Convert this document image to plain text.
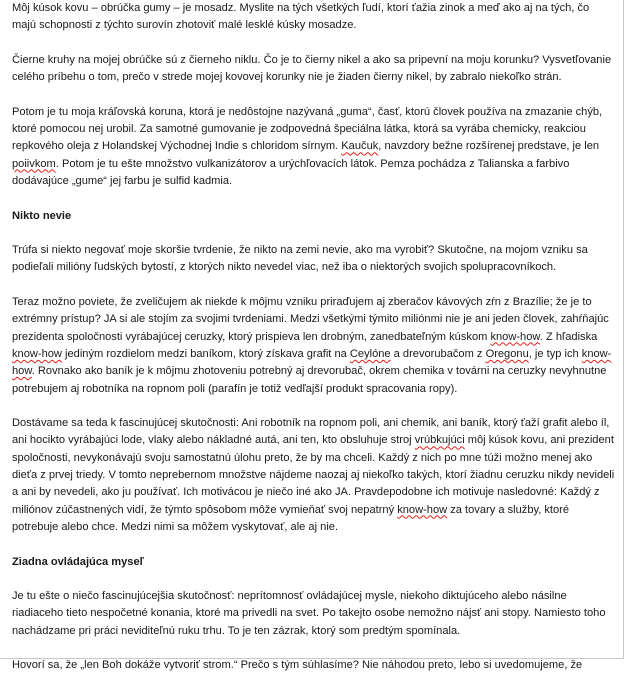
Môj kúsok kovu – obrúčka gumy – je mosadz. Myslite na tých všetkých ľudí, ktorí ťažia zinok a meď ako aj na tých, čo majú schopnosti z týchto surovín zhotoviť malé lesklé kúsky mosadze.

Čierne kruhy na mojej obrúčke sú z čierneho niklu. Čo je to čierny nikel a ako sa pripevní na moju korunku? Vysvetľovanie celého príbehu o tom, prečo v strede mojej kovovej korunky nie je žiaden čierny nikel, by zabralo niekoľko strán.

Potom je tu moja kráľovská koruna, ktorá je nedôstojne nazývaná „guma“, časť, ktorú človek používa na zmazanie chýb, ktoré pomocou nej urobil. Za samotné gumovanie je zodpovedná špeciálna látka, ktorá sa vyrába chemicky, reakciou repkového oleja z Holandskej Východnej Indie s chloridom sírnym. Kaučuk, navzdory bežne rozšírenej predstave, je len poiivkom. Potom je tu ešte množstvo vulkanizátorov a urýchľovacích látok. Pemza pochádza z Talianska a farbivo dodávajúce „gume“ jej farbu je sulfid kadmia.

Nikto nevie

Trúfa si niekto negovať moje skoršie tvrdenie, že nikto na zemi nevie, ako ma vyrobiť? Skutočne, na mojom vzniku sa podieľali milióny ľudských bytostí, z ktorých nikto nevedel viac, než iba o niektorých svojich spolupracovníkoch.

Teraz možno poviete, že zveličujem ak niekde k môjmu vzniku priraďujem aj zberačov kávových zŕn z Brazílie; že je to extrémny prístup? JA si ale stojím za svojimi tvrdeniami. Medzi všetkými týmito miliónmi nie je ani jeden človek, zahŕňajúc prezidenta spoločnosti vyrábajúcej ceruzky, ktorý prispieva len drobným, zanedbateľným kúskom know-how. Z hľadiska know-how jediným rozdielom medzi baníkom, ktorý získava grafit na Ceylóne a drevorubačom z Oregonu, je typ ich know-how. Rovnako ako baník je k môjmu zhotoveniu potrebný aj drevorubač, okrem chemika v továrni na ceruzky nevyhnutne potrebujem aj robotníka na ropnom poli (parafín je totiž vedľajší produkt spracovania ropy).

Dostávame sa teda k fascinujúcej skutočnosti: Ani robotník na ropnom poli, ani chemik, ani baník, ktorý ťaží grafit alebo íl, ani hocikto vyrábajúci lode, vlaky alebo nákladné autá, ani ten, kto obsluhuje stroj vrúbkujúci môj kúsok kovu, ani prezident spoločnosti, nevykonávajú svoju samostatnú úlohu preto, že by ma chceli. Každý z nich po mne túži možno menej ako dieťa z prvej triedy. V tomto neprebernom množstve nájdeme naozaj aj niekoľko takých, ktorí žiadnu ceruzku nikdy nevideli a ani by nevedeli, ako ju používať. Ich motivácou je niečo iné ako JA. Pravdepodobne ich motivuje nasledovné: Každý z miliónov zúčastnených vidí, že týmto spôsobom môže vymieňať svoj nepatrný know-how za tovary a služby, ktoré potrebuje alebo chce. Medzi nimi sa môžem vyskytovať, ale aj nie.

Ziadna ovládajúca myseľ

Je tu ešte o niečo fascinujúcejšia skutočnosť: neprítomnosť ovládajúcej mysle, niekoho diktujúceho alebo násilne riadiaceho tieto nespočetné konania, ktoré ma privedli na svet. Po takejto osobe nemožno nájsť ani stopy. Namiesto toho nachádzame pri práci neviditeľnú ruku trhu. To je ten zázrak, ktorý som predtým spomínala.

Hovorí sa, že „len Boh dokáže vytvoriť strom.“ Prečo s tým súhlasíme? Nie náhodou preto, lebo si uvedomujeme, že
